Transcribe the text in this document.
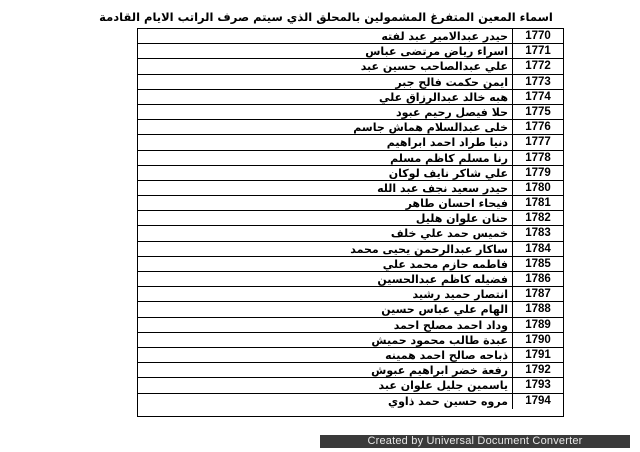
اسماء المعين المتفرغ المشمولين بالمحلق الذي سيتم صرف الراتب الايام القادمة
حيدر عبدالامير عبد لفته	1770
اسراء رياض مرتضى عباس	1771
علي عبدالصاحب حسين عبد	1772
ايمن حكمت فالح جبر	1773
هبه خالد عبدالرزاق علي	1774
حلا فيصل رحيم عبود	1775
خلى عبدالسلام هماش جاسم	1776
دنيا طراد احمد ابراهيم	1777
رنا مسلم كاظم مسلم	1778
علي شاكر نايف لوكان	1779
حيدر سعيد نجف عبد الله	1780
فيحاء احسان طاهر	1781
حنان علوان هليل	1782
خميس حمد علي خلف	1783
ساكار عبدالرحمن يحيى محمد	1784
فاطمه حازم محمد علي	1785
فضيله كاظم عبدالحسين	1786
انتصار حميد رشيد	1787
الهام علي عباس حسين	1788
وداد احمد مصلح احمد	1789
عبدة طالب محمود حميش	1790
ذباحه صالح احمد همينه	1791
رفعة خضر ابراهيم عبوش	1792
ياسمين جليل علوان عبد	1793
مروه حسين حمد ذاوي	1794
Created by Universal Document Converter
